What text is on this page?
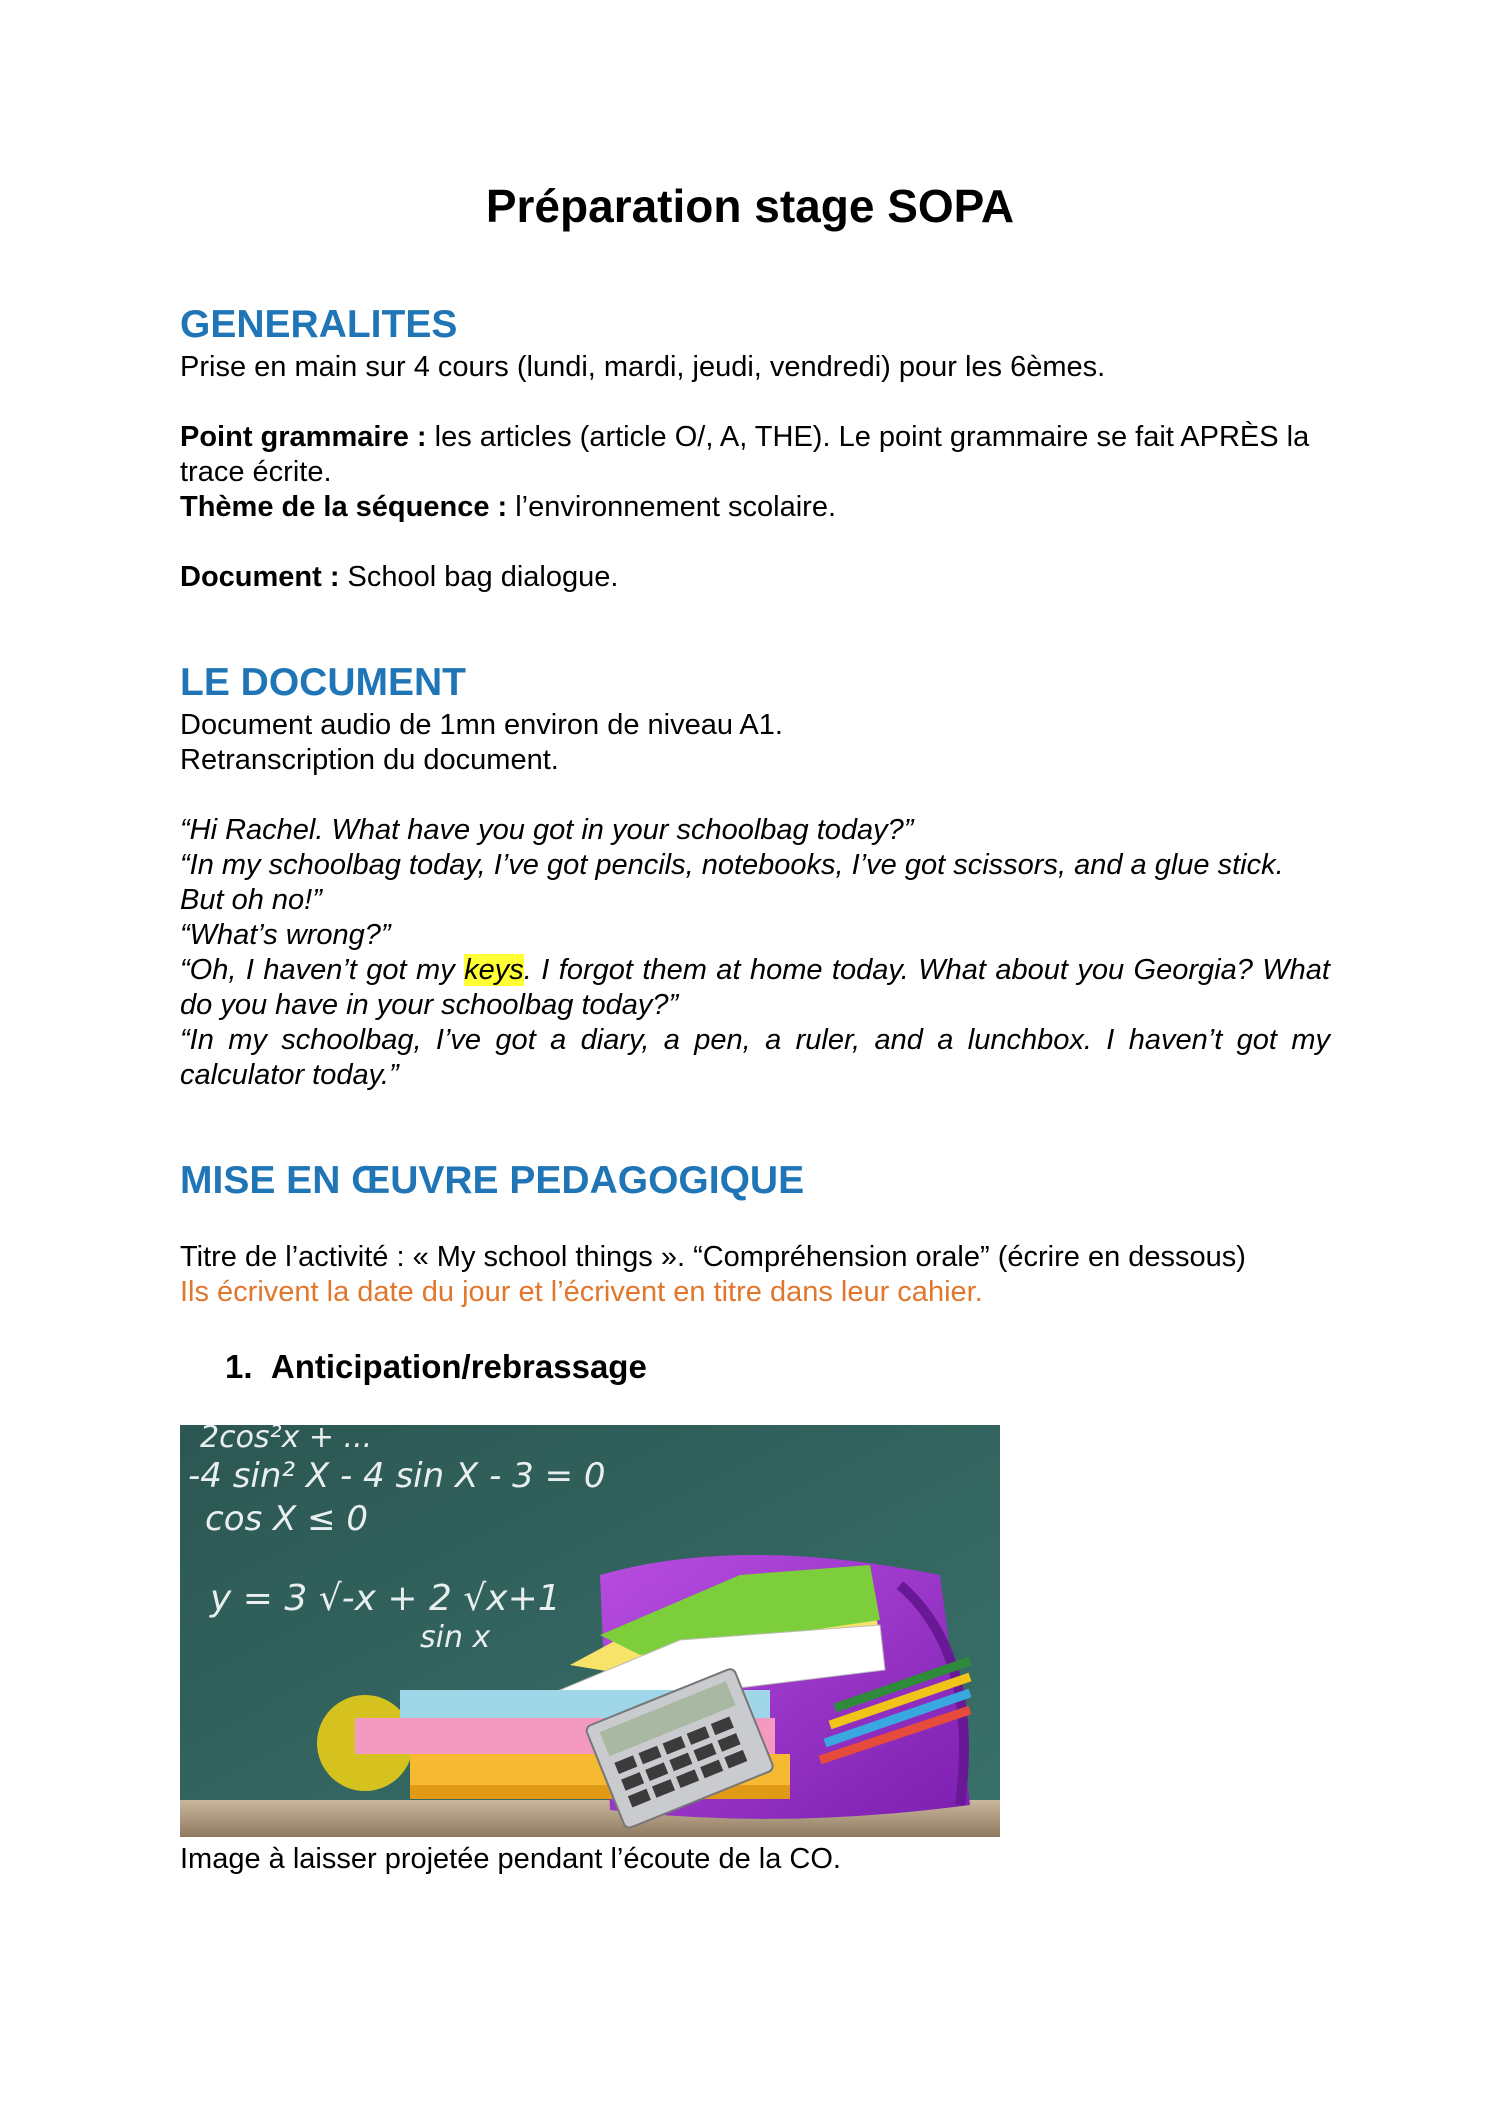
Préparation stage SOPA
GENERALITES
Prise en main sur 4 cours (lundi, mardi, jeudi, vendredi) pour les 6èmes.
Point grammaire : les articles (article O/, A, THE). Le point grammaire se fait APRÈS la trace écrite.
Thème de la séquence : l’environnement scolaire.
Document : School bag dialogue.
LE DOCUMENT
Document audio de 1mn environ de niveau A1.
Retranscription du document.
“Hi Rachel. What have you got in your schoolbag today?”
“In my schoolbag today, I’ve got pencils, notebooks, I’ve got scissors, and a glue stick. But oh no!”
“What’s wrong?”
“Oh, I haven’t got my keys. I forgot them at home today. What about you Georgia? What do you have in your schoolbag today?”
“In my schoolbag, I’ve got a diary, a pen, a ruler, and a lunchbox. I haven’t got my calculator today.”
MISE EN ŒUVRE PEDAGOGIQUE
Titre de l’activité : « My school things ». “Compréhension orale” (écrire en dessous)
Ils écrivent la date du jour et l’écrivent en titre dans leur cahier.
1. Anticipation/rebrassage
2cos²x + ...
-4 sin² X - 4 sin X - 3 = 0
cos X ≤ 0
y = 3 √-x + 2 √x+1
sin x
Image à laisser projetée pendant l’écoute de la CO.
